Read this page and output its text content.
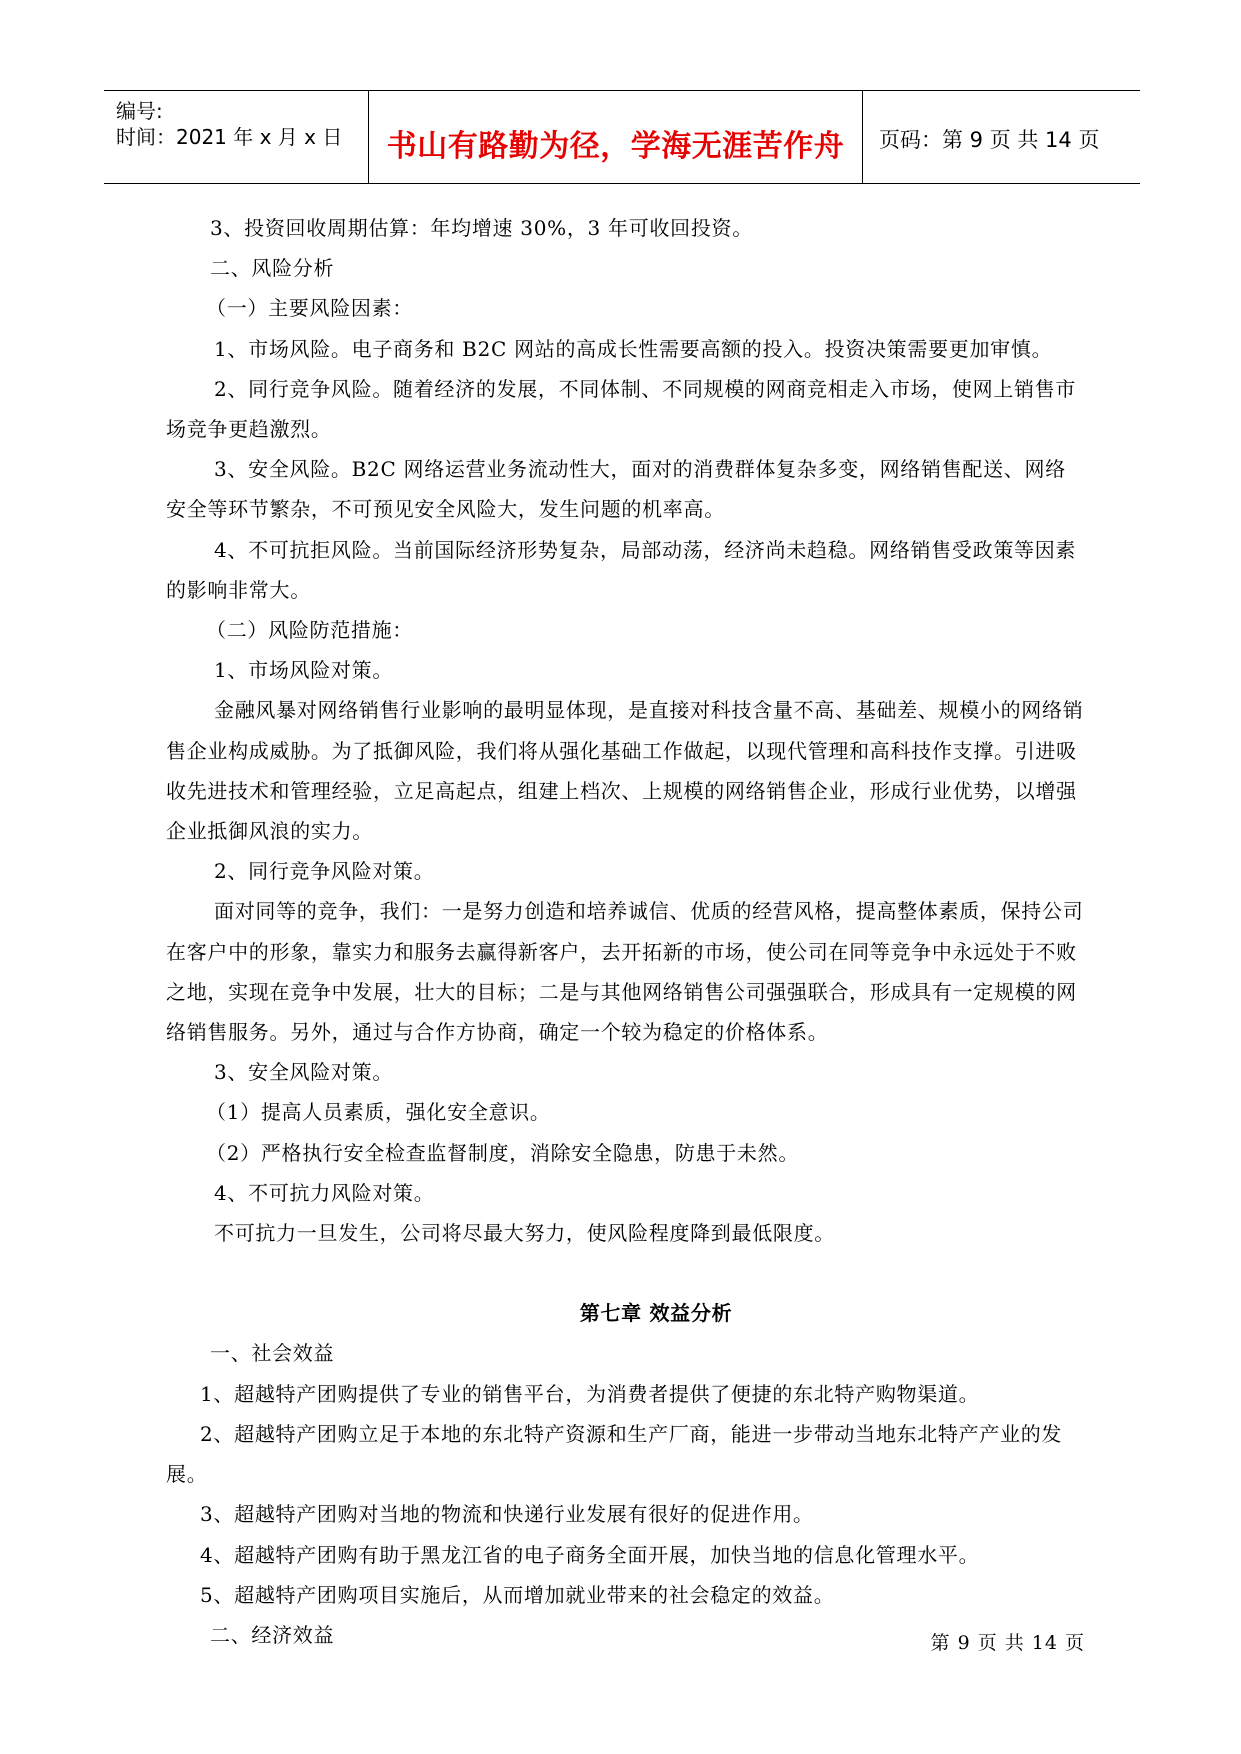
编号:
时间：2021 年 x 月 x 日	书山有路勤为径，学海无涯苦作舟	页码：第 9 页 共 14 页

3、投资回收周期估算：年均增速 30%，3 年可收回投资。

二、风险分析

（一）主要风险因素：

1、市场风险。电子商务和 B2C 网站的高成长性需要高额的投入。投资决策需要更加审慎。

2、同行竞争风险。随着经济的发展，不同体制、不同规模的网商竞相走入市场，使网上销售市场竞争更趋激烈。

3、安全风险。B2C 网络运营业务流动性大，面对的消费群体复杂多变，网络销售配送、网络安全等环节繁杂，不可预见安全风险大，发生问题的机率高。

4、不可抗拒风险。当前国际经济形势复杂，局部动荡，经济尚未趋稳。网络销售受政策等因素的影响非常大。

（二）风险防范措施：

1、市场风险对策。

金融风暴对网络销售行业影响的最明显体现，是直接对科技含量不高、基础差、规模小的网络销售企业构成威胁。为了抵御风险，我们将从强化基础工作做起，以现代管理和高科技作支撑。引进吸收先进技术和管理经验，立足高起点，组建上档次、上规模的网络销售企业，形成行业优势，以增强企业抵御风浪的实力。

2、同行竞争风险对策。

面对同等的竞争，我们：一是努力创造和培养诚信、优质的经营风格，提高整体素质，保持公司在客户中的形象，靠实力和服务去赢得新客户，去开拓新的市场，使公司在同等竞争中永远处于不败之地，实现在竞争中发展，壮大的目标；二是与其他网络销售公司强强联合，形成具有一定规模的网络销售服务。另外，通过与合作方协商，确定一个较为稳定的价格体系。

3、安全风险对策。

（1）提高人员素质，强化安全意识。

（2）严格执行安全检查监督制度，消除安全隐患，防患于未然。

4、不可抗力风险对策。

不可抗力一旦发生，公司将尽最大努力，使风险程度降到最低限度。

第七章 效益分析

一、社会效益

1、超越特产团购提供了专业的销售平台，为消费者提供了便捷的东北特产购物渠道。

2、超越特产团购立足于本地的东北特产资源和生产厂商，能进一步带动当地东北特产产业的发展。

3、超越特产团购对当地的物流和快递行业发展有很好的促进作用。

4、超越特产团购有助于黑龙江省的电子商务全面开展，加快当地的信息化管理水平。

5、超越特产团购项目实施后，从而增加就业带来的社会稳定的效益。

二、经济效益	第 9 页 共 14 页
